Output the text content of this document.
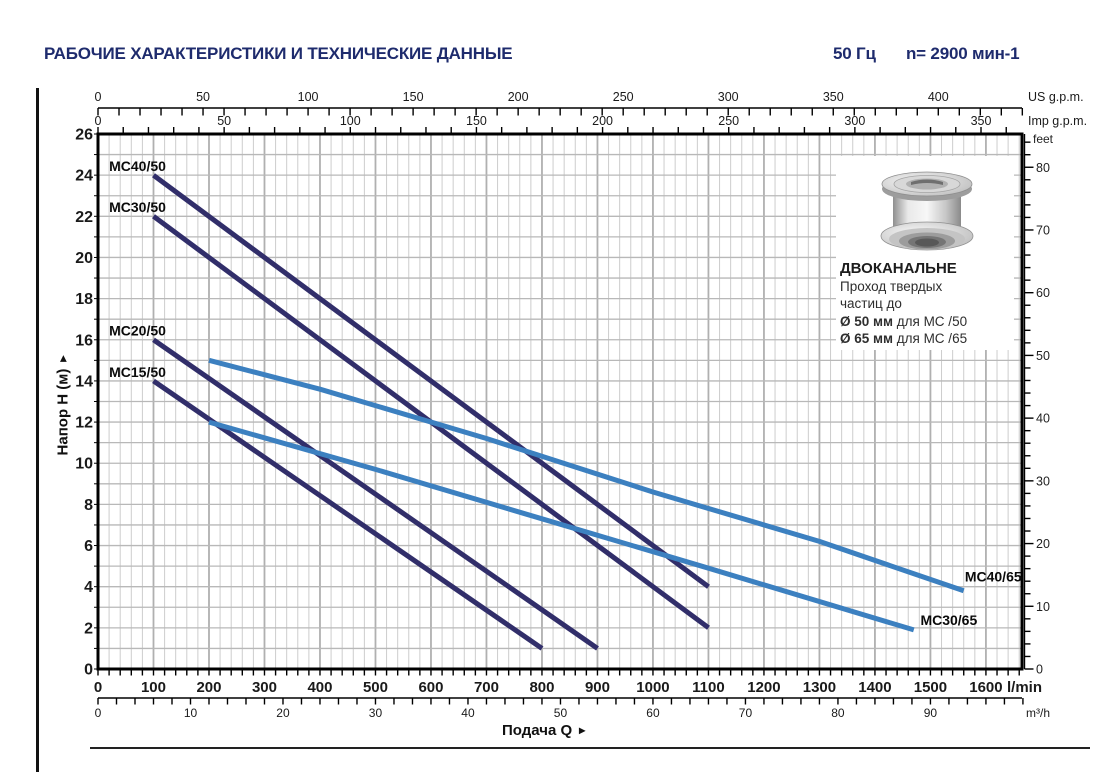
РАБОЧИЕ ХАРАКТЕРИСТИКИ И ТЕХНИЧЕСКИЕ ДАННЫЕ	50 Гц n= 2900 мин-1
Напор H (м)▸
0	50	100	150	200	250	300	350	400	US g.p.m.
0	50	100	150	200	250	300	350	Imp g.p.m.
0	100 200 300 400 500 600 700 800 900 1000 1100 1200 1300 1400 1500 1600 l/min
0	10	20	30	40	50	60	70	80	90	m³/h
0
2
4
6
8
10
12
14
16
18
20
22
24
26
0
10
20
30
40
50
60
70
80
feet
MC40/50
MC30/50
MC20/50
MC15/50
MC40/65
MC30/65
ДВОКАНАЛЬНЕ
Проход твердых
частиц до
Ø 50 мм для MC /50
Ø 65 мм для MC /65
Подача Q ▸
